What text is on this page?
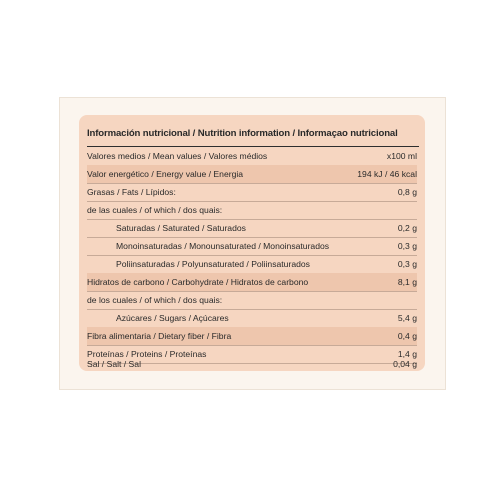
Información nutricional / Nutrition information / Informaçao nutricional
Valores medios / Mean values / Valores médios	x100 ml
Valor energético / Energy value / Energia	194 kJ / 46 kcal
Grasas / Fats / Lípidos:	0,8 g
de las cuales / of which / dos quais:
Saturadas / Saturated / Saturados	0,2 g
Monoinsaturadas / Monounsaturated / Monoinsaturados	0,3 g
Poliinsaturadas / Polyunsaturated / Poliinsaturados	0,3 g
Hidratos de carbono / Carbohydrate / Hidratos de carbono	8,1 g
de los cuales / of which / dos quais:
Azúcares / Sugars / Açúcares	5,4 g
Fibra alimentaria / Dietary fiber / Fibra	0,4 g
Proteínas / Proteins / Proteínas	1,4 g
Sal / Salt / Sal	0,04 g
